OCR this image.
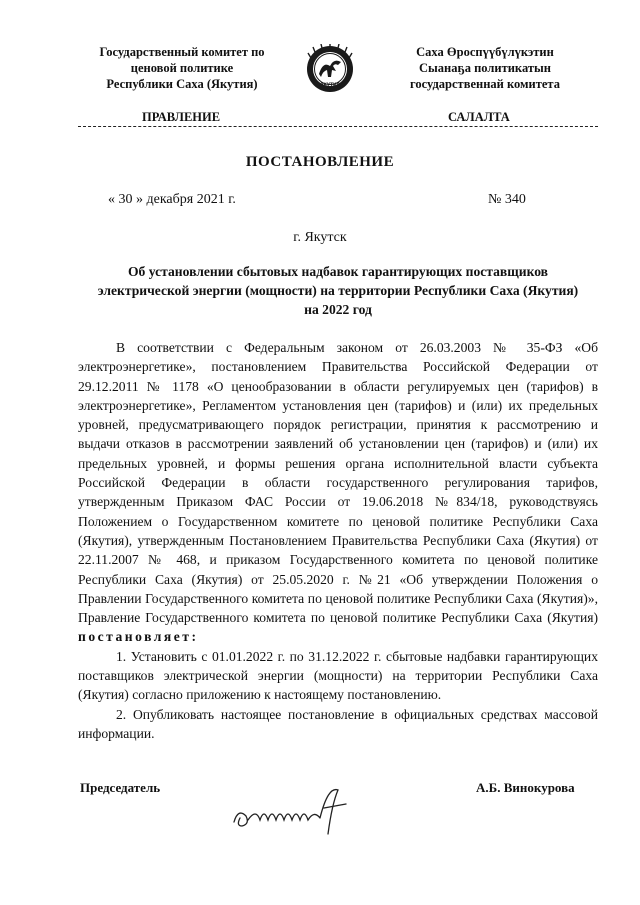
Государственный комитет по
ценовой политике
Республики Саха (Якутия)	ЯКУТИЯ
Саха Өроспүүбүлүкэтин
Сыанаҕа политикатын
государственнай комитета
ПРАВЛЕНИЕ	САЛАЛТА
ПОСТАНОВЛЕНИЕ
« 30 » декабря 2021 г.	№ 340
г. Якутск
Об установлении сбытовых надбавок гарантирующих поставщиков
электрической энергии (мощности) на территории Республики Саха (Якутия)
на 2022 год

В соответствии с Федеральным законом от 26.03.2003 № 35-ФЗ «Об электроэнергетике», постановлением Правительства Российской Федерации от 29.12.2011 № 1178 «О ценообразовании в области регулируемых цен (тарифов) в электроэнергетике», Регламентом установления цен (тарифов) и (или) их предельных уровней, предусматривающего порядок регистрации, принятия к рассмотрению и выдачи отказов в рассмотрении заявлений об установлении цен (тарифов) и (или) их предельных уровней, и формы решения органа исполнительной власти субъекта Российской Федерации в области государственного регулирования тарифов, утвержденным Приказом ФАС России от 19.06.2018 №834/18, руководствуясь Положением о Государственном комитете по ценовой политике Республики Саха (Якутия), утвержденным Постановлением Правительства Республики Саха (Якутия) от 22.11.2007 № 468, и приказом Государственного комитета по ценовой политике Республики Саха (Якутия) от 25.05.2020 г. №21 «Об утверждении Положения о Правлении Государственного комитета по ценовой политике Республики Саха (Якутия)», Правление Государственного комитета по ценовой политике Республики Саха (Якутия) постановляет:

1. Установить с 01.01.2022 г. по 31.12.2022 г. сбытовые надбавки гарантирующих поставщиков электрической энергии (мощности) на территории Республики Саха (Якутия) согласно приложению к настоящему постановлению.

2. Опубликовать настоящее постановление в официальных средствах массовой информации.

Председатель	А.Б. Винокурова
